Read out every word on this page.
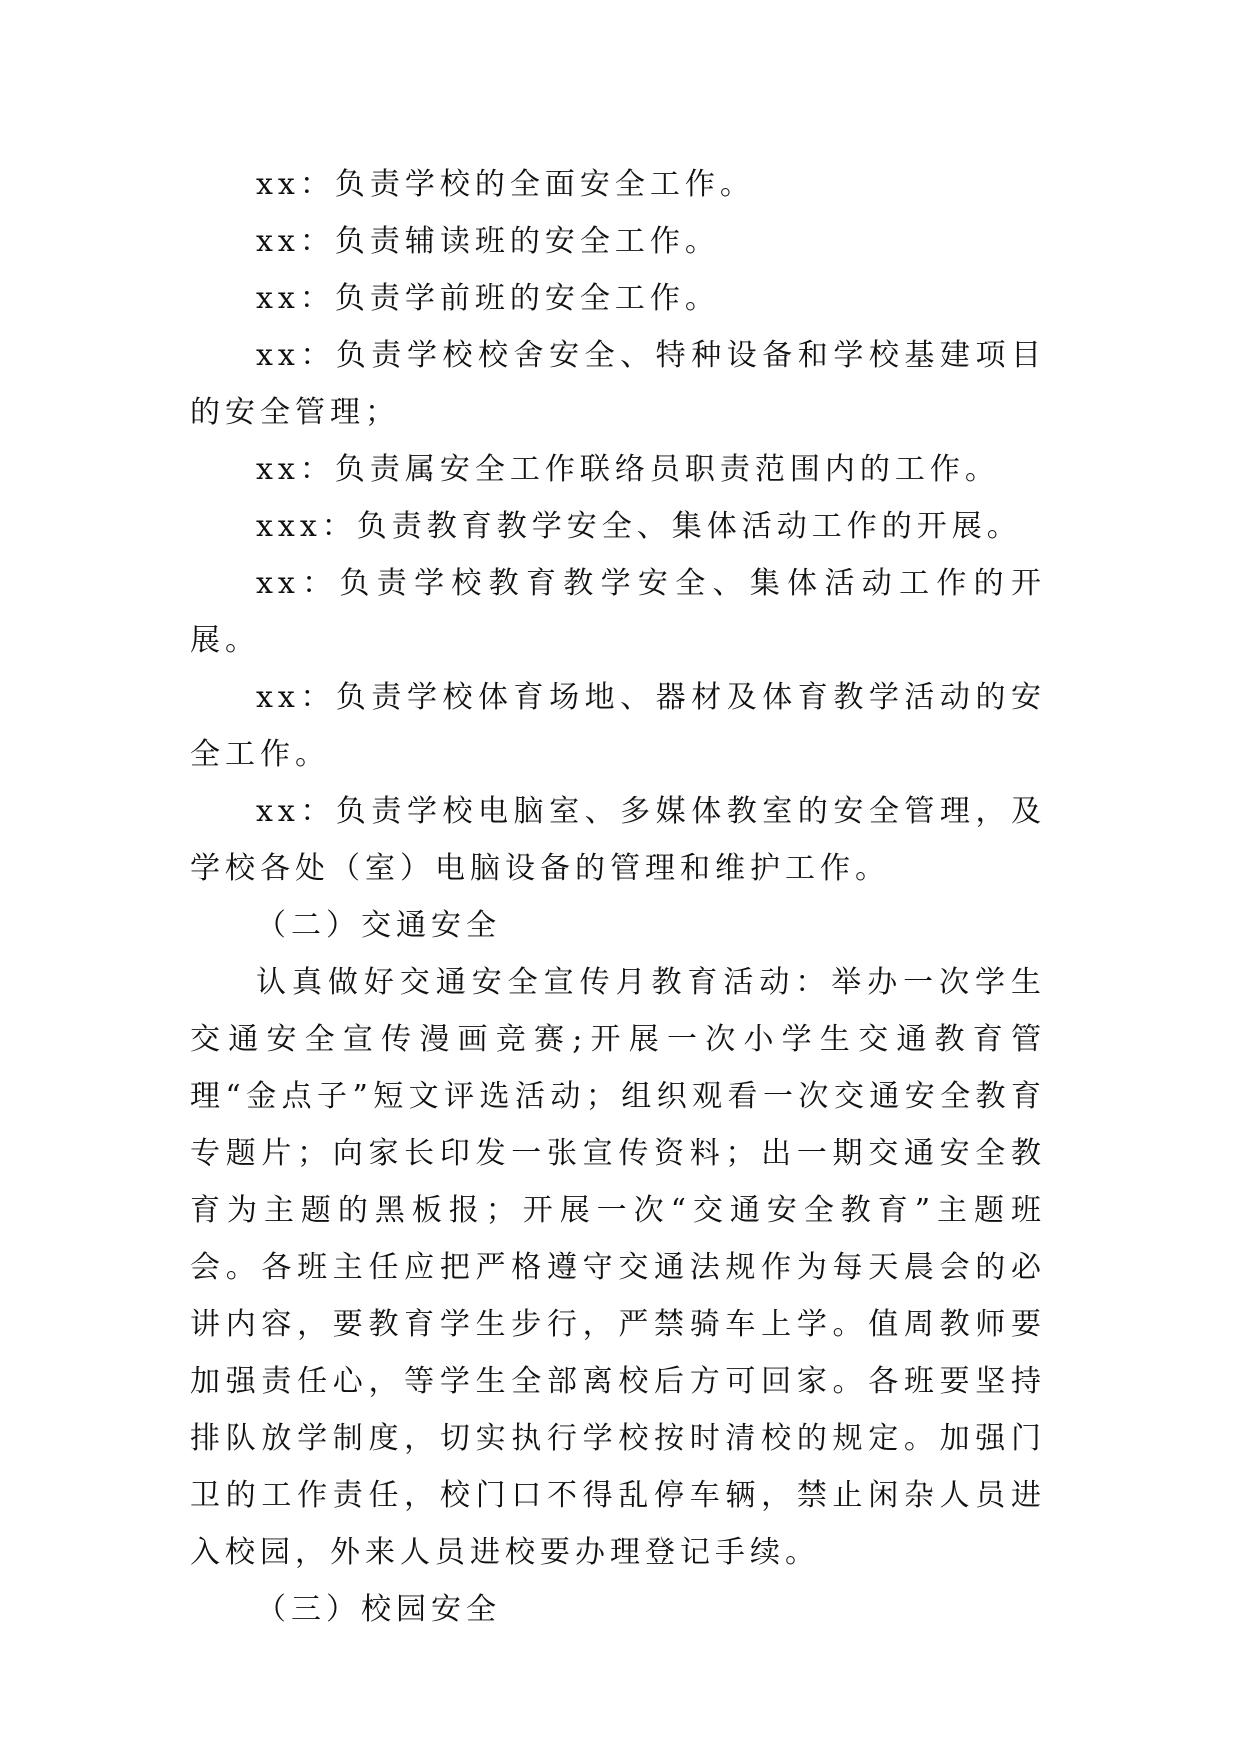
xx：负责学校的全面安全工作。

xx：负责辅读班的安全工作。

xx：负责学前班的安全工作。

xx：负责学校校舍安全、特种设备和学校基建项目的安全管理；

xx：负责属安全工作联络员职责范围内的工作。

xxx：负责教育教学安全、集体活动工作的开展。

xx：负责学校教育教学安全、集体活动工作的开展。

xx：负责学校体育场地、器材及体育教学活动的安全工作。

xx：负责学校电脑室、多媒体教室的安全管理，及学校各处（室）电脑设备的管理和维护工作。

（二）交通安全

认真做好交通安全宣传月教育活动：举办一次学生交通安全宣传漫画竞赛;开展一次小学生交通教育管理“金点子”短文评选活动；组织观看一次交通安全教育专题片；向家长印发一张宣传资料；出一期交通安全教育为主题的黑板报；开展一次“交通安全教育”主题班会。各班主任应把严格遵守交通法规作为每天晨会的必讲内容，要教育学生步行，严禁骑车上学。值周教师要加强责任心，等学生全部离校后方可回家。各班要坚持排队放学制度，切实执行学校按时清校的规定。加强门卫的工作责任，校门口不得乱停车辆，禁止闲杂人员进入校园，外来人员进校要办理登记手续。

（三）校园安全
